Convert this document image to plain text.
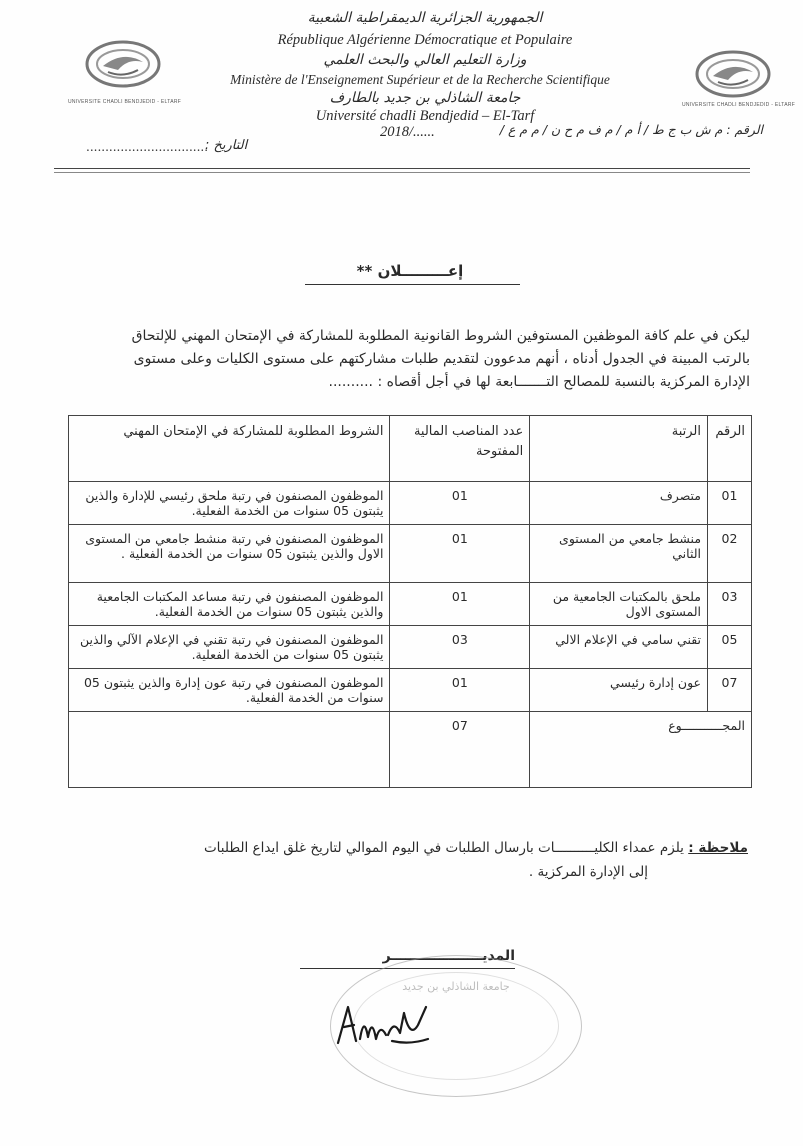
UNIVERSITE CHADLI BENDJEDID - ELTARF	UNIVERSITE CHADLI BENDJEDID - ELTARF
الجمهورية الجزائرية الديمقراطية الشعبية
République Algérienne Démocratique et Populaire
وزارة التعليم العالي والبحث العلمي
Ministère de l'Enseignement Supérieur et de la Recherche Scientifique
جامعة الشاذلي بن جديد بالطارف
Université chadli Bendjedid – El-Tarf
2018/......	الرقم : م ش ب ج ط / أ م / م ف م ح ن / م م ع /
التاريخ :
................................
إعـــــــــلان **
ليكن في علم كافة الموظفين المستوفين الشروط القانونية المطلوبة للمشاركة في الإمتحان المهني للإلتحاق
بالرتب المبينة في الجدول أدناه ، أنهم مدعوون لتقديم طلبات مشاركتهم على مستوى الكليات وعلى مستوى
الإدارة المركزية بالنسبة للمصالح التـــــــابعة لها في أجل أقصاه : ..........
الرقم	الرتبة	عدد المناصب المالية المفتوحة	الشروط المطلوبة للمشاركة في الإمتحان المهني
01	متصرف	01	الموظفون المصنفون في رتبة ملحق رئيسي للإدارة والذين يثبتون 05 سنوات من الخدمة الفعلية.
02	منشط جامعي من المستوى الثاني	01	الموظفون المصنفون في رتبة منشط جامعي من المستوى الاول والذين يثبتون 05 سنوات من الخدمة الفعلية .
03	ملحق بالمكتبات الجامعية من المستوى الاول	01	الموظفون المصنفون في رتبة مساعد المكتبات الجامعية والذين يثبتون 05 سنوات من الخدمة الفعلية.
05	تقني سامي في الإعلام الالي	03	الموظفون المصنفون في رتبة تقني في الإعلام الآلي والذين يثبتون 05 سنوات من الخدمة الفعلية.
07	عون إدارة رئيسي	01	الموظفون المصنفون في رتبة عون إدارة والذين يثبتون 05 سنوات من الخدمة الفعلية.
المجـــــــــــوع		07	
ملاحظة : يلزم عمداء الكليــــــــــات بارسال الطلبات في اليوم الموالي لتاريخ غلق ايداع الطلبات
إلى الإدارة المركزية .
المديـــــــــــــــــــر
جامعة الشاذلي بن جديد
